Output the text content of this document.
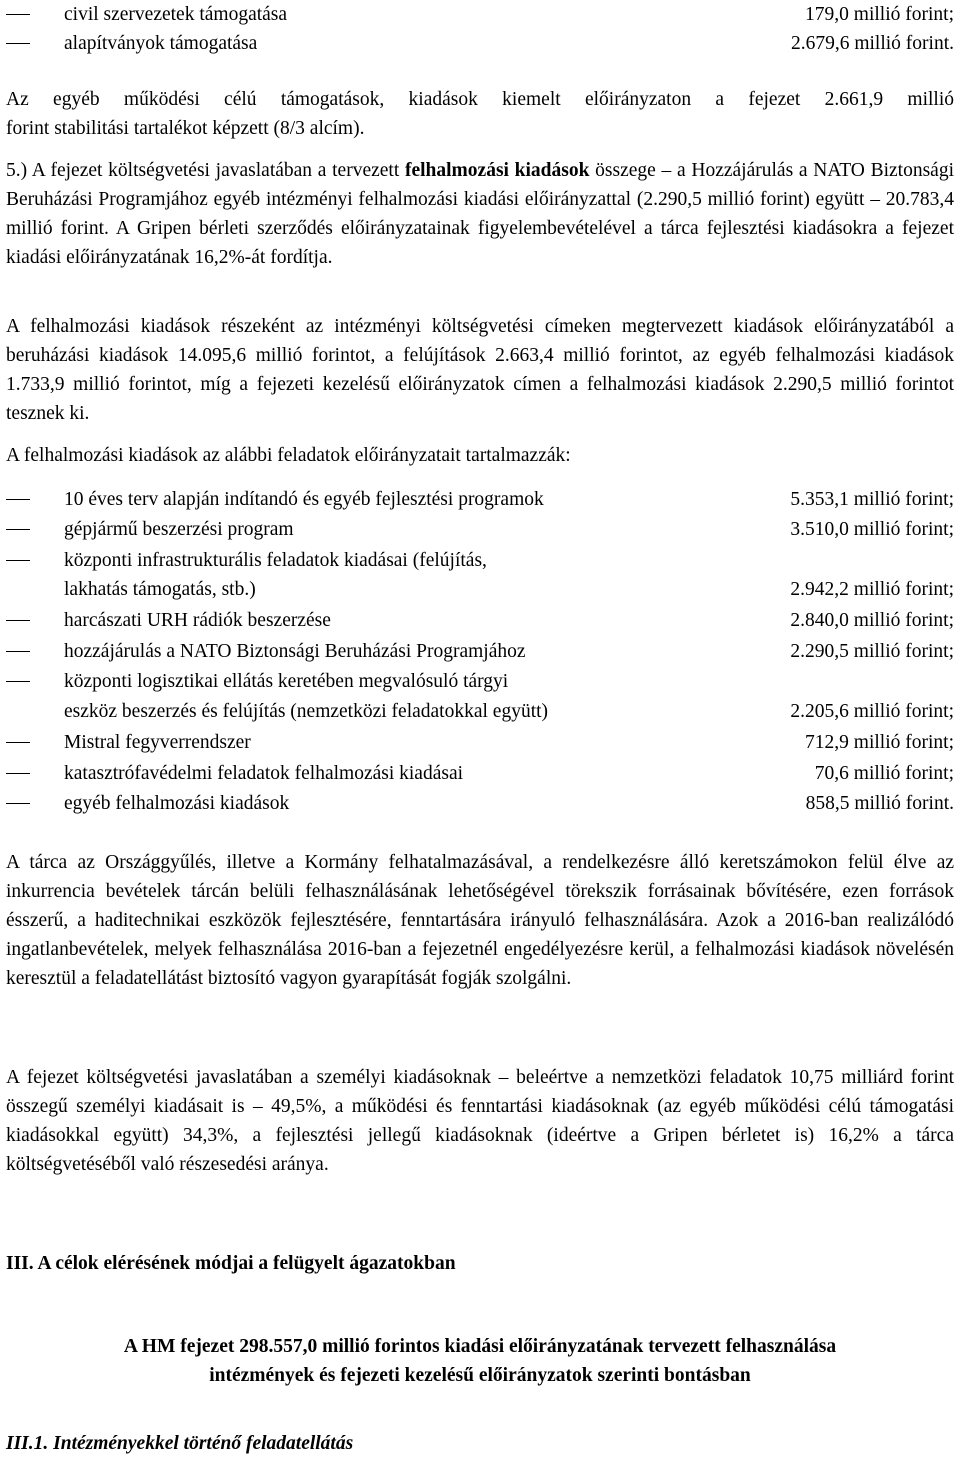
civil szervezetek támogatása	179,0 millió forint;
alapítványok támogatása	2.679,6 millió forint.
Az egyéb működési célú támogatások, kiadások kiemelt előirányzaton a fejezet 2.661,9 millió
forint stabilitási tartalékot képzett (8/3 alcím).
5.) A fejezet költségvetési javaslatában a tervezett felhalmozási kiadások összege – a Hozzájárulás a NATO Biztonsági Beruházási Programjához egyéb intézményi felhalmozási kiadási előirányzattal (2.290,5 millió forint) együtt – 20.783,4 millió forint. A Gripen bérleti szerződés előirányzatainak figyelembevételével a tárca fejlesztési kiadásokra a fejezet kiadási előirányzatának 16,2%-át fordítja.
A felhalmozási kiadások részeként az intézményi költségvetési címeken megtervezett kiadások előirányzatából a beruházási kiadások 14.095,6 millió forintot, a felújítások 2.663,4 millió forintot, az egyéb felhalmozási kiadások 1.733,9 millió forintot, míg a fejezeti kezelésű előirányzatok címen a felhalmozási kiadások 2.290,5 millió forintot tesznek ki.
A felhalmozási kiadások az alábbi feladatok előirányzatait tartalmazzák:
10 éves terv alapján indítandó és egyéb fejlesztési programok	5.353,1 millió forint;
gépjármű beszerzési program	3.510,0 millió forint;
központi infrastrukturális feladatok kiadásai (felújítás,
lakhatás támogatás, stb.)	2.942,2 millió forint;
harcászati URH rádiók beszerzése	2.840,0 millió forint;
hozzájárulás a NATO Biztonsági Beruházási Programjához	2.290,5 millió forint;
központi logisztikai ellátás keretében megvalósuló tárgyi
eszköz beszerzés és felújítás (nemzetközi feladatokkal együtt)	2.205,6 millió forint;
Mistral fegyverrendszer	712,9 millió forint;
katasztrófavédelmi feladatok felhalmozási kiadásai	70,6 millió forint;
egyéb felhalmozási kiadások	858,5 millió forint.
A tárca az Országgyűlés, illetve a Kormány felhatalmazásával, a rendelkezésre álló keretszámokon felül élve az inkurrencia bevételek tárcán belüli felhasználásának lehetőségével törekszik forrásainak bővítésére, ezen források ésszerű, a haditechnikai eszközök fejlesztésére, fenntartására irányuló felhasználására. Azok a 2016-ban realizálódó ingatlanbevételek, melyek felhasználása 2016-ban a fejezetnél engedélyezésre kerül, a felhalmozási kiadások növelésén keresztül a feladatellátást biztosító vagyon gyarapítását fogják szolgálni.
A fejezet költségvetési javaslatában a személyi kiadásoknak – beleértve a nemzetközi feladatok 10,75 milliárd forint összegű személyi kiadásait is – 49,5%, a működési és fenntartási kiadásoknak (az egyéb működési célú támogatási kiadásokkal együtt) 34,3%, a fejlesztési jellegű kiadásoknak (ideértve a Gripen bérletet is) 16,2% a tárca költségvetéséből való részesedési aránya.
III. A célok elérésének módjai a felügyelt ágazatokban
A HM fejezet 298.557,0 millió forintos kiadási előirányzatának tervezett felhasználása
intézmények és fejezeti kezelésű előirányzatok szerinti bontásban
III.1. Intézményekkel történő feladatellátás
